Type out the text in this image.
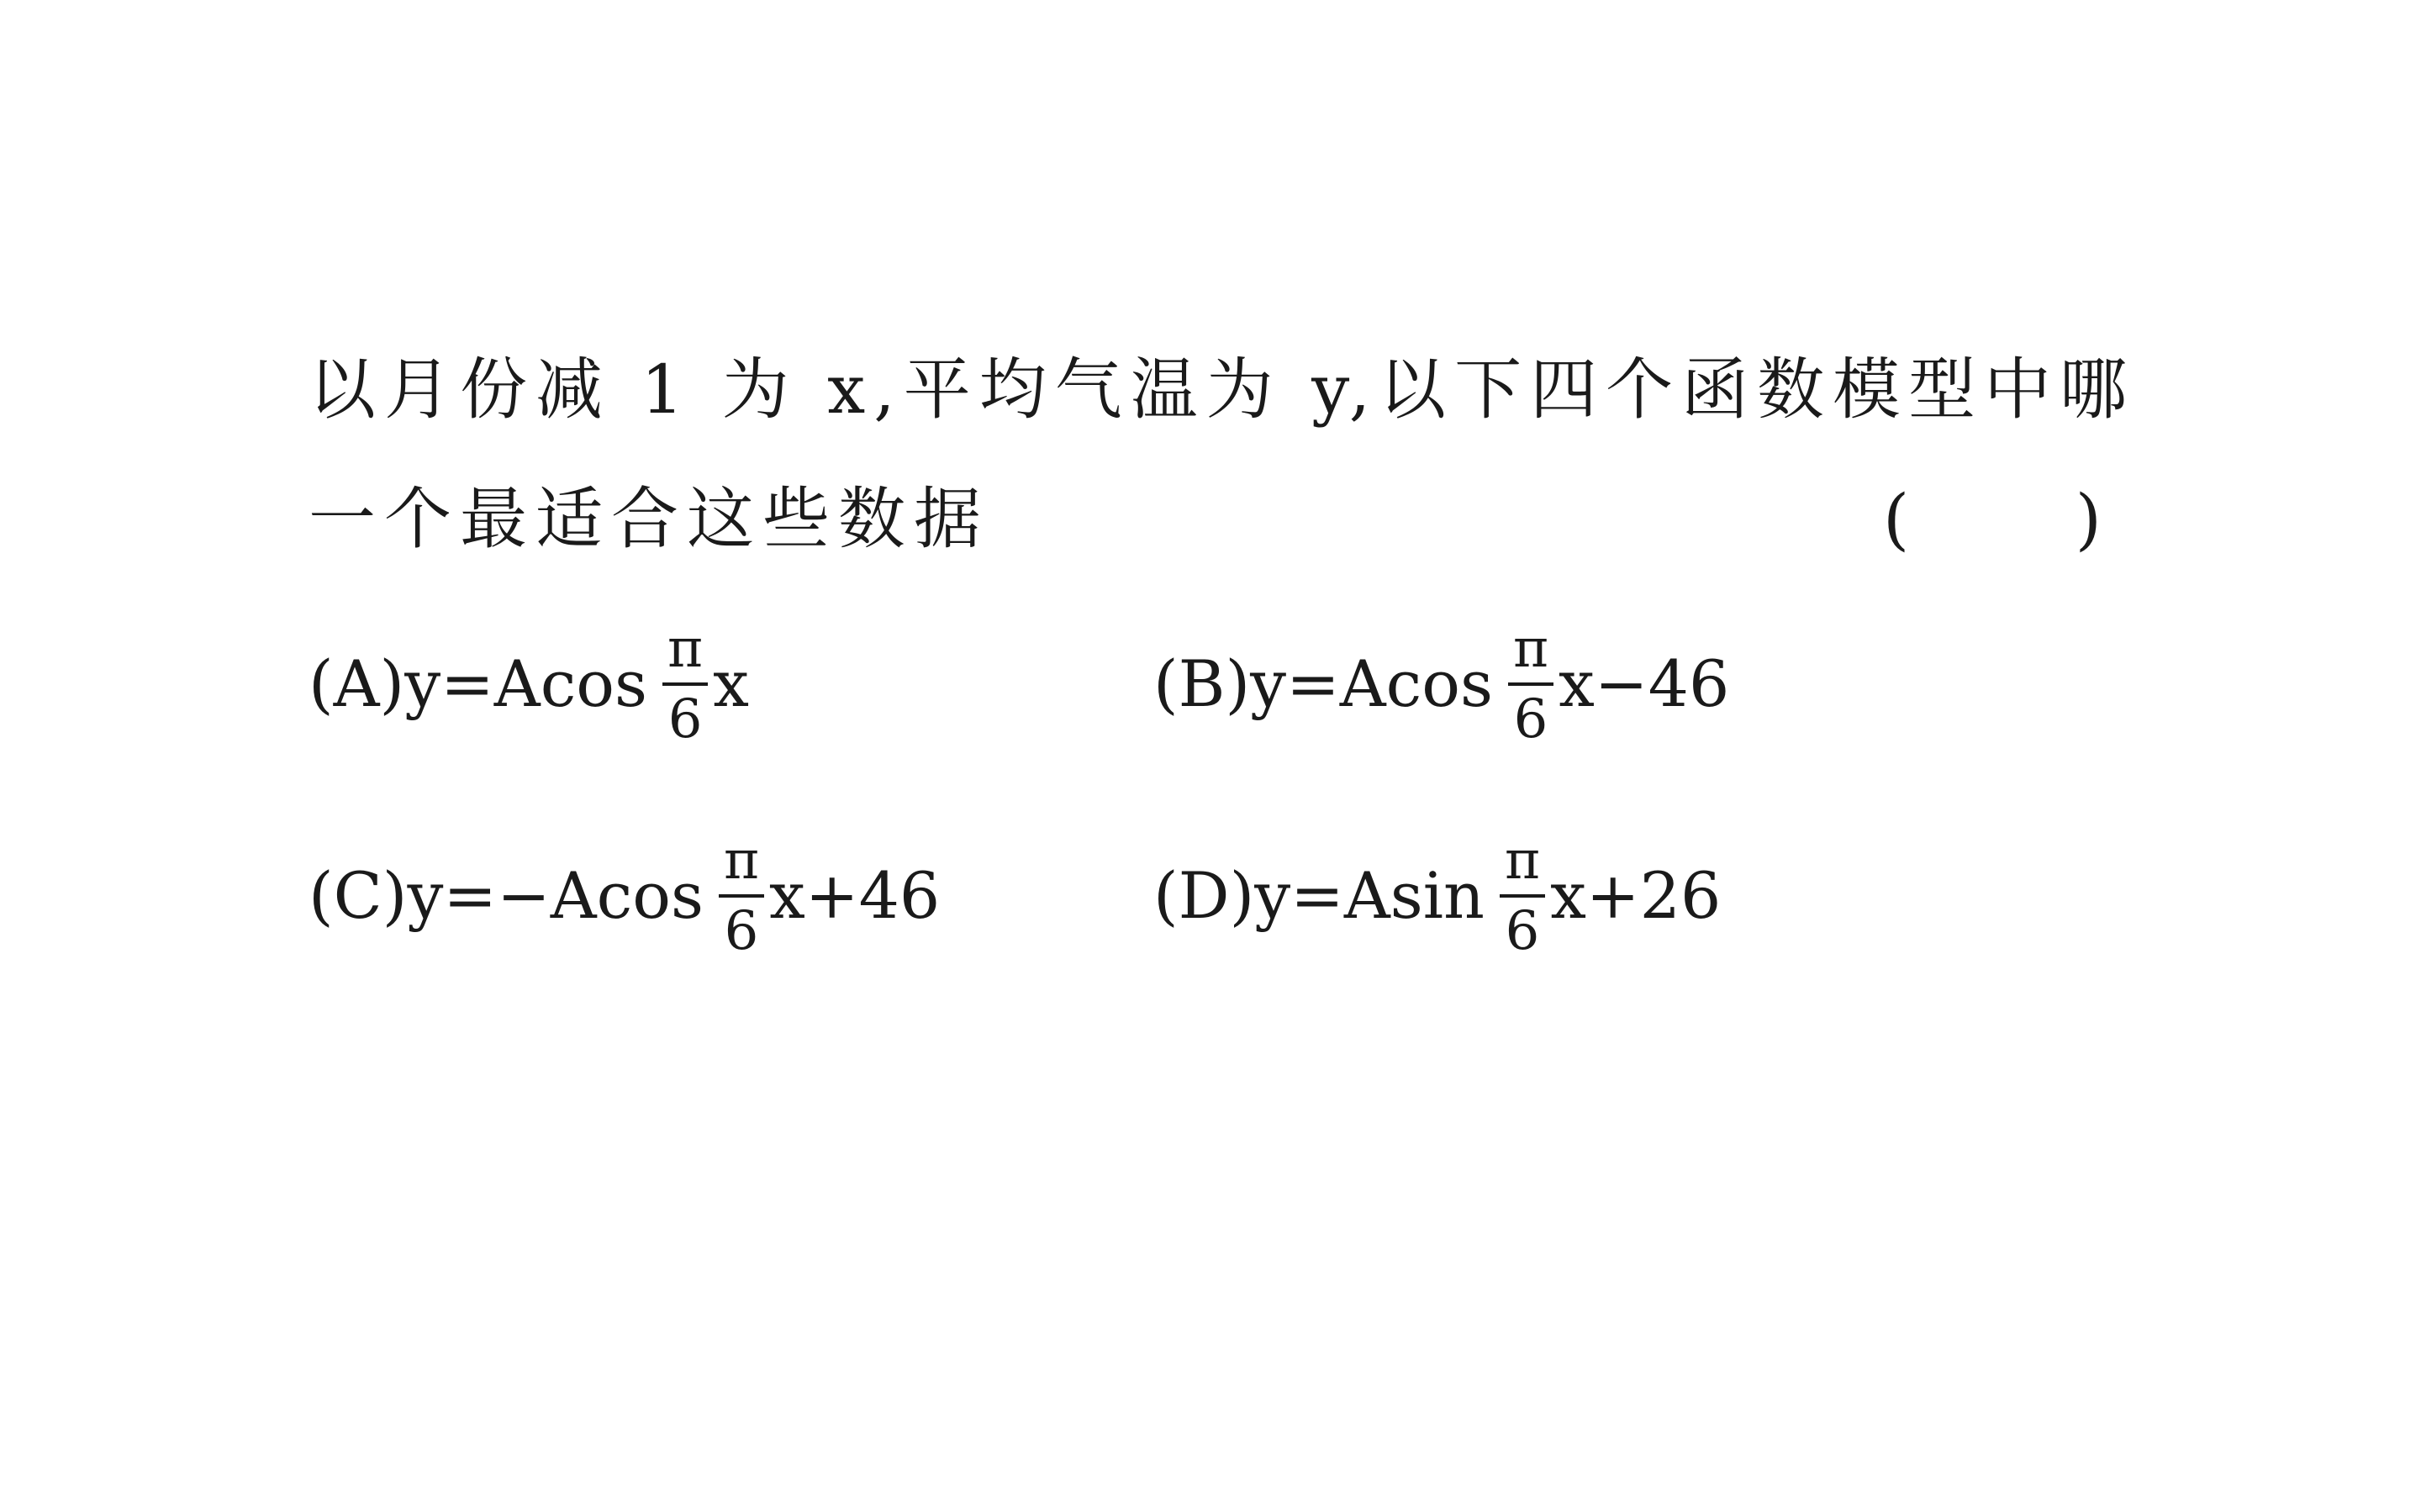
以月份减 1 为 x,平均气温为 y,以下四个函数模型中哪
一个最适合这些数据	( )
(A) $y=Acos \frac{\pi}{6}$ x	(B) $y=Acos \frac{\pi}{6} x-46$
(C) $y=-Acos \frac{\pi}{6} x+46$	(D) $y=Asin \frac{\pi}{6} x+26$
